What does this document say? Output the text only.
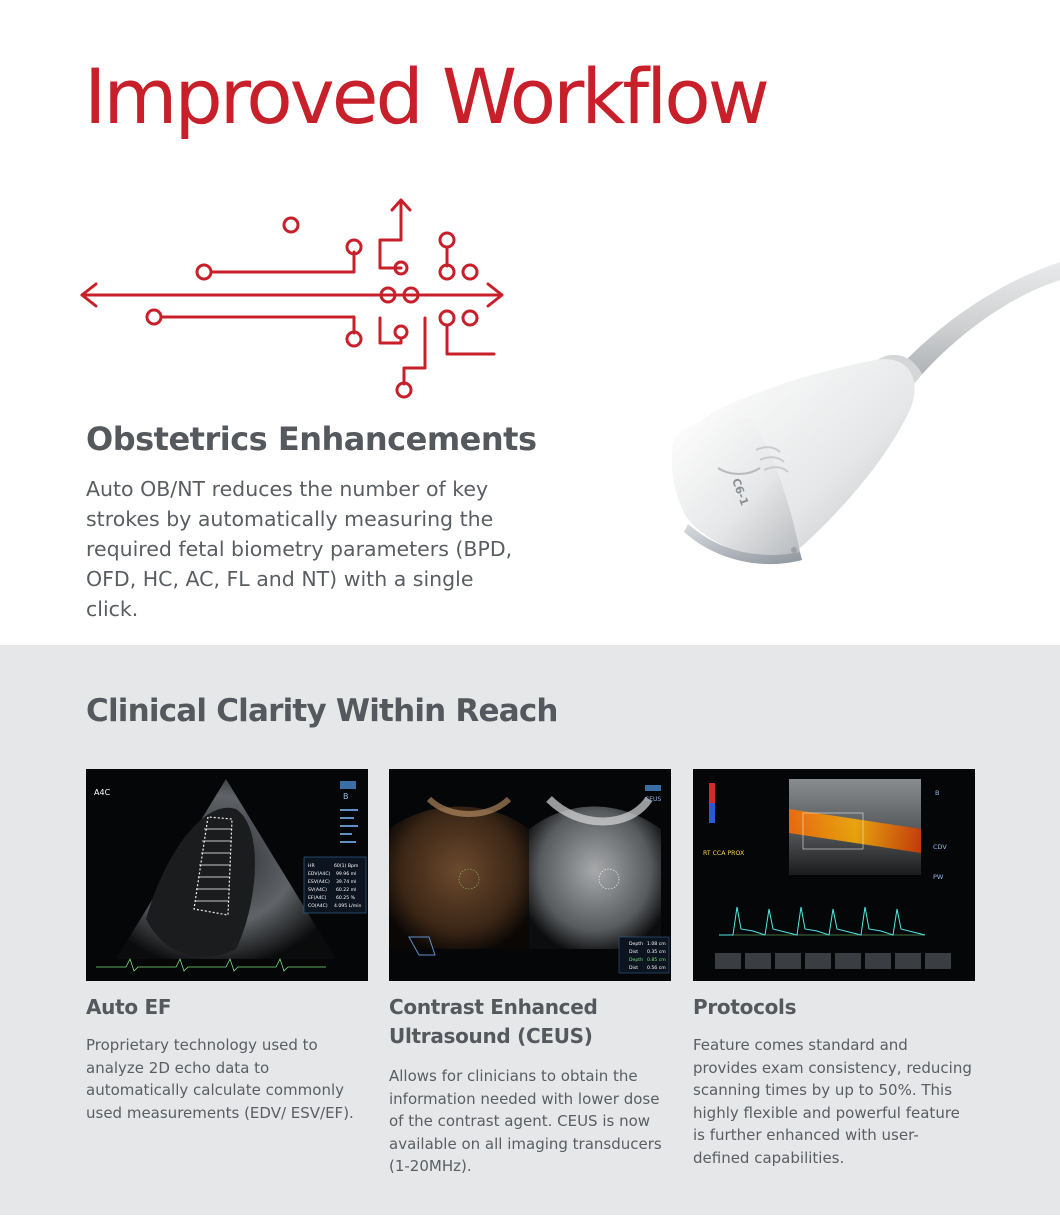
Improved Workflow
Obstetrics Enhancements

Auto OB/NT reduces the number of key strokes by automatically measuring the required fetal biometry parameters (BPD, OFD, HC, AC, FL and NT) with a single click.

C6-1
Clinical Clarity Within Reach
A4C	B
HR
EDV(A4C)
ESV(A4C)
SV(A4C)
EF(A4C)
CO(A4C)
60(1) Bpm
99.96 ml
39.74 ml
60.22 ml
60.25 %
4.095 L/min
Auto EF

Proprietary technology used to analyze 2D echo data to automatically calculate commonly used measurements (EDV/ ESV/EF).

CEUS
Depth
Dist
Depth
Dist
1.08 cm
0.35 cm
0.85 cm
0.56 cm
Contrast Enhanced Ultrasound (CEUS)

Allows for clinicians to obtain the information needed with lower dose of the contrast agent. CEUS is now available on all imaging transducers (1-20MHz).

RT CCA PROX
B
CDV
PW
Protocols

Feature comes standard and provides exam consistency, reducing scanning times by up to 50%. This highly flexible and powerful feature is further enhanced with user-defined capabilities.
